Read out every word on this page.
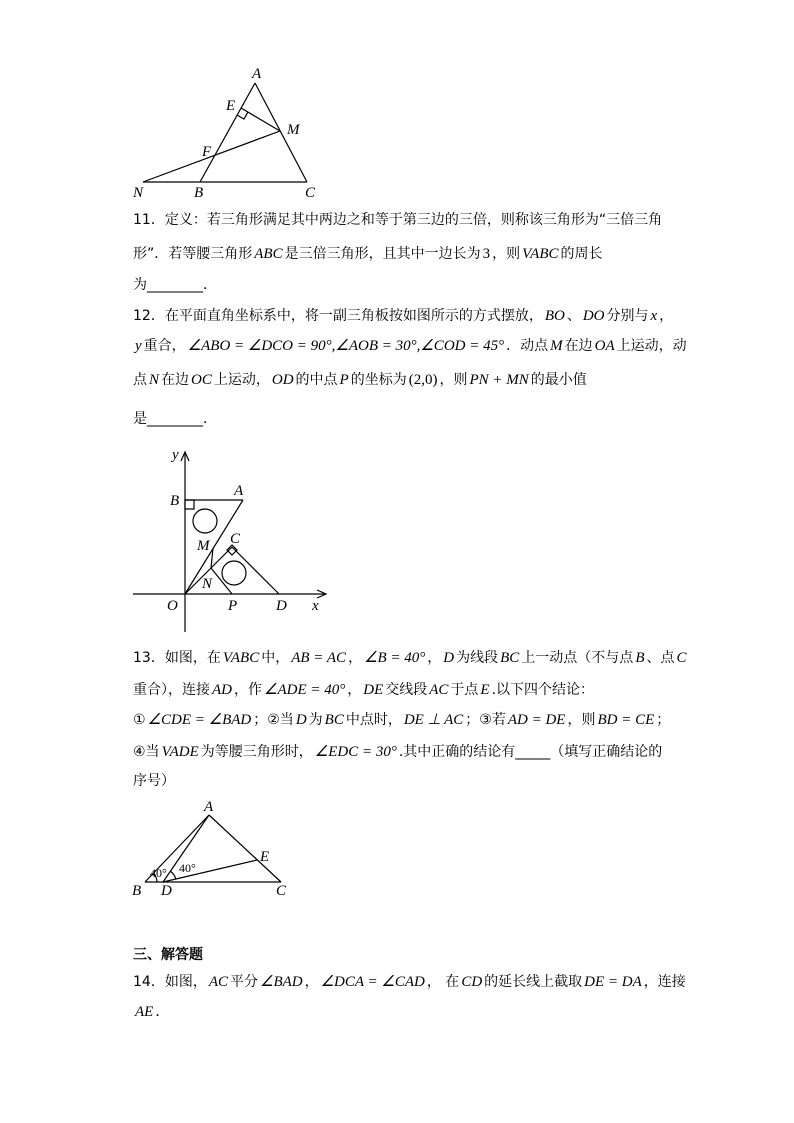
A
E
M
F
N	B	C
11．定义：若三角形满足其中两边之和等于第三边的三倍，则称该三角形为“三倍三角
形”．若等腰三角形 ABC 是三倍三角形，且其中一边长为 3 ，则 VABC 的周长
为________．
12．在平面直角坐标系中，将一副三角板按如图所示的方式摆放， BO 、 DO 分别与 x ，
y 重合， ∠ABO = ∠DCO = 90°,∠AOB = 30°,∠COD = 45° ．动点 M 在边 OA 上运动，动
点 N 在边 OC 上运动， OD 的中点 P 的坐标为 (2,0) ，则 PN + MN 的最小值
是________．
y
x
O
B
A
M C
N
P	D
13．如图，在 VABC 中， AB = AC ， ∠B = 40° ， D 为线段 BC 上一动点（不与点 B 、点 C
重合），连接 AD ，作 ∠ADE = 40° ， DE 交线段 AC 于点 E .以下四个结论：
① ∠CDE = ∠BAD ；②当 D 为 BC 中点时， DE ⊥ AC ；③若 AD = DE ，则 BD = CE ；
④当 VADE 为等腰三角形时， ∠EDC = 30° .其中正确的结论有_____（填写正确结论的
序号）
A
E
B D	C
40° 40°
三、解答题
14．如图， AC 平分 ∠BAD ， ∠DCA = ∠CAD ， 在 CD 的延长线上截取 DE = DA ，连接
AE ．
